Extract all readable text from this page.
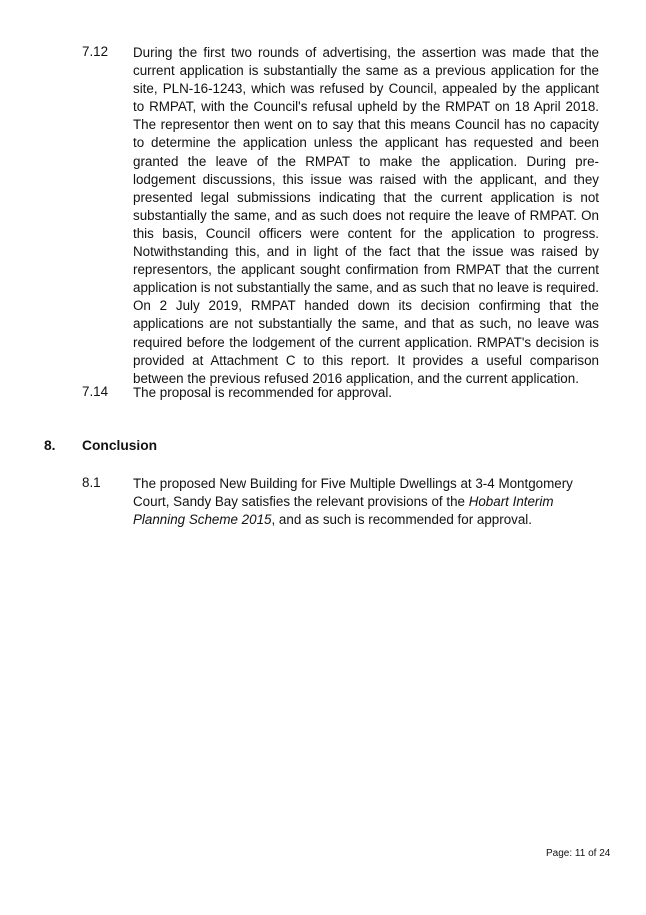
7.12 During the first two rounds of advertising, the assertion was made that the current application is substantially the same as a previous application for the site, PLN-16-1243, which was refused by Council, appealed by the applicant to RMPAT, with the Council's refusal upheld by the RMPAT on 18 April 2018. The representor then went on to say that this means Council has no capacity to determine the application unless the applicant has requested and been granted the leave of the RMPAT to make the application. During pre-lodgement discussions, this issue was raised with the applicant, and they presented legal submissions indicating that the current application is not substantially the same, and as such does not require the leave of RMPAT. On this basis, Council officers were content for the application to progress. Notwithstanding this, and in light of the fact that the issue was raised by representors, the applicant sought confirmation from RMPAT that the current application is not substantially the same, and as such that no leave is required. On 2 July 2019, RMPAT handed down its decision confirming that the applications are not substantially the same, and that as such, no leave was required before the lodgement of the current application. RMPAT's decision is provided at Attachment C to this report. It provides a useful comparison between the previous refused 2016 application, and the current application.
7.14 The proposal is recommended for approval.
8. Conclusion
8.1 The proposed New Building for Five Multiple Dwellings at 3-4 Montgomery Court, Sandy Bay satisfies the relevant provisions of the Hobart Interim Planning Scheme 2015, and as such is recommended for approval.
Page: 11 of 24
